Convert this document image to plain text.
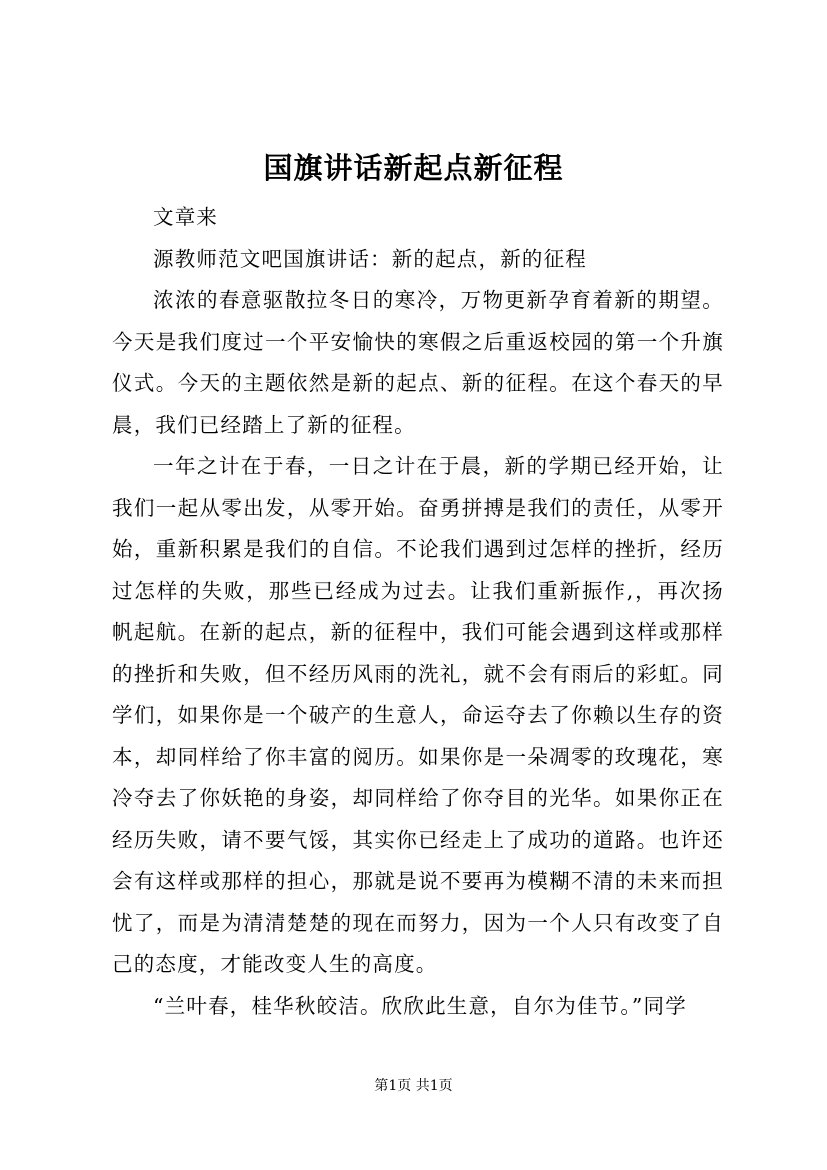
国旗讲话新起点新征程

文章来

源教师范文吧国旗讲话：新的起点，新的征程

浓浓的春意驱散拉冬日的寒冷，万物更新孕育着新的期望。今天是我们度过一个平安愉快的寒假之后重返校园的第一个升旗仪式。今天的主题依然是新的起点、新的征程。在这个春天的早晨，我们已经踏上了新的征程。

一年之计在于春，一日之计在于晨，新的学期已经开始，让我们一起从零出发，从零开始。奋勇拼搏是我们的责任，从零开始，重新积累是我们的自信。不论我们遇到过怎样的挫折，经历过怎样的失败，那些已经成为过去。让我们重新振作,，再次扬帆起航。在新的起点，新的征程中，我们可能会遇到这样或那样的挫折和失败，但不经历风雨的洗礼，就不会有雨后的彩虹。同学们，如果你是一个破产的生意人，命运夺去了你赖以生存的资本，却同样给了你丰富的阅历。如果你是一朵凋零的玫瑰花，寒冷夺去了你妖艳的身姿，却同样给了你夺目的光华。如果你正在经历失败，请不要气馁，其实你已经走上了成功的道路。也许还会有这样或那样的担心，那就是说不要再为模糊不清的未来而担忧了，而是为清清楚楚的现在而努力，因为一个人只有改变了自己的态度，才能改变人生的高度。

“兰叶春，桂华秋皎洁。欣欣此生意，自尔为佳节。”同学

第1页 共1页
